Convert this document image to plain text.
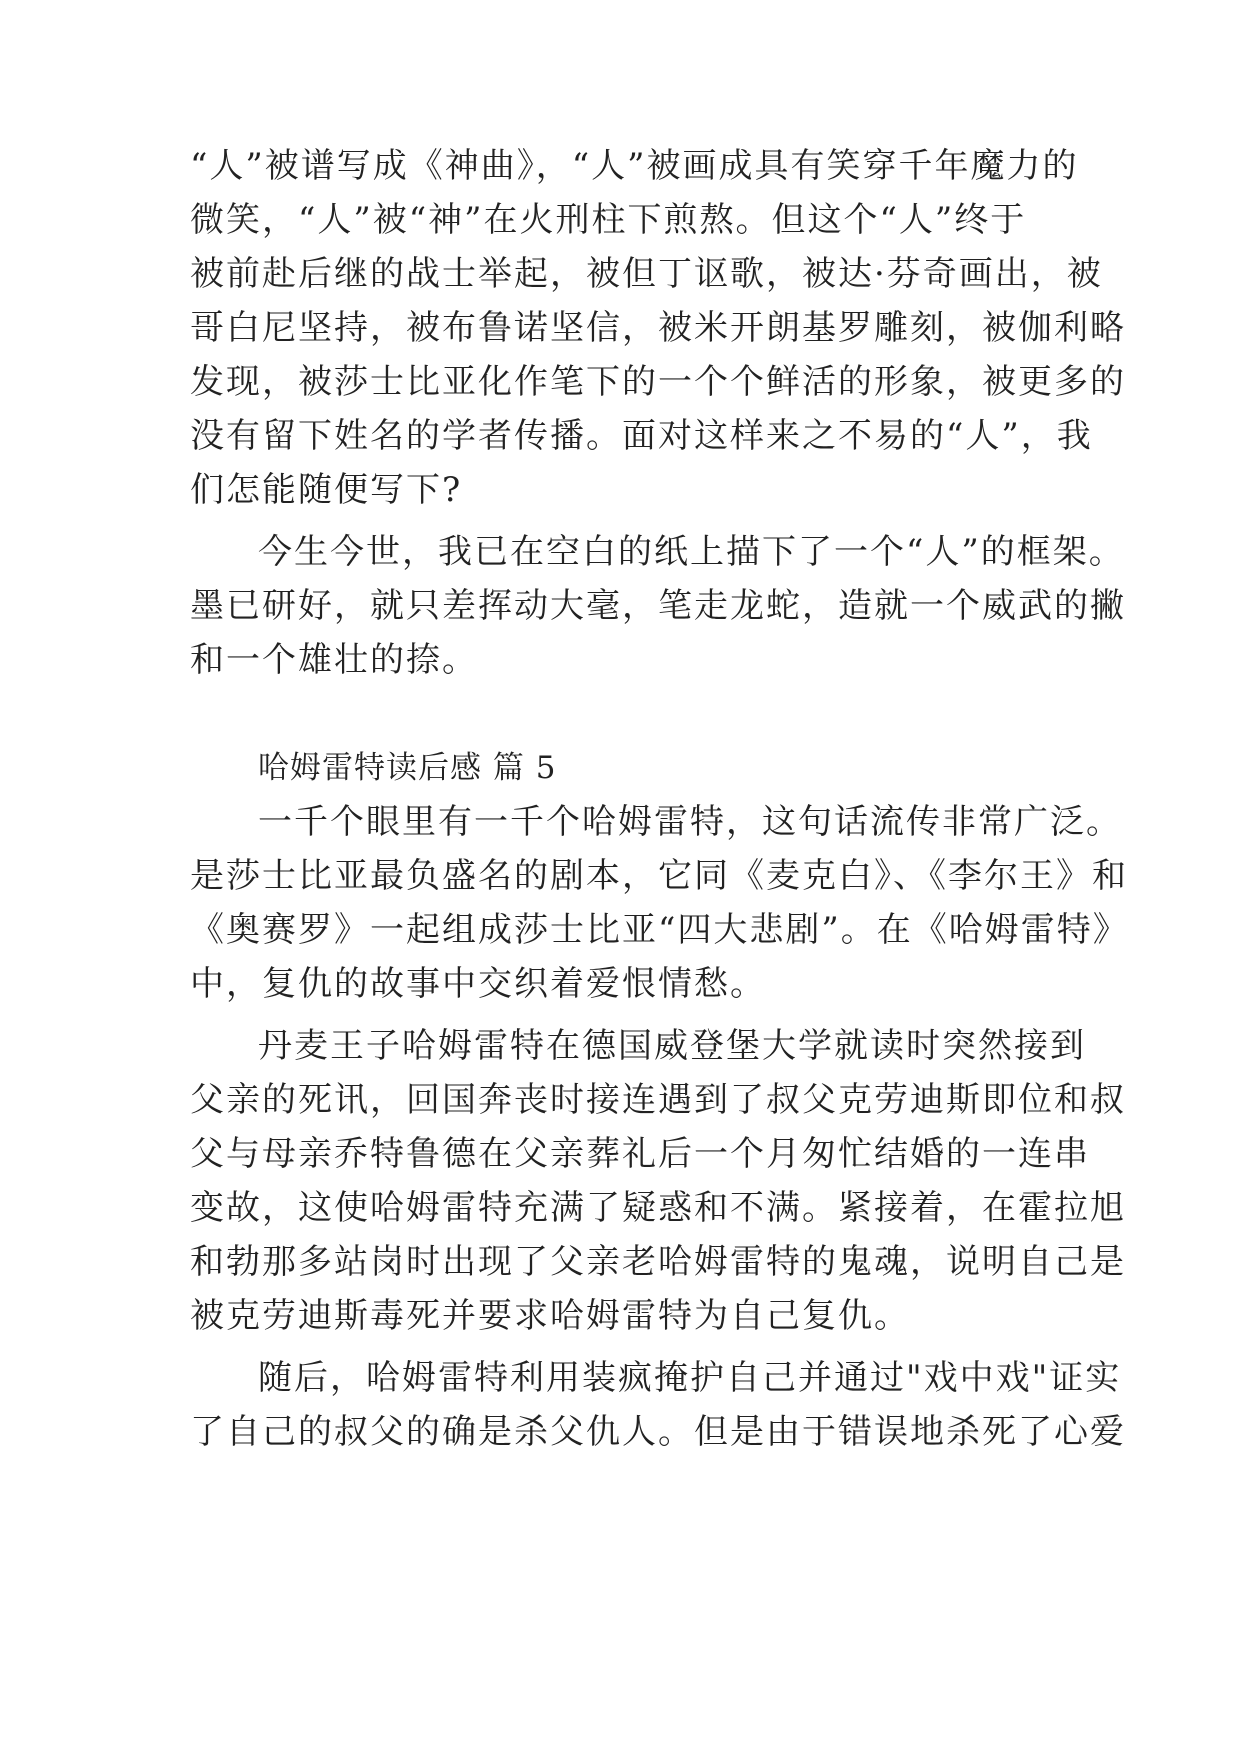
“人”被谱写成《神曲》，“人”被画成具有笑穿千年魔力的
微笑，“人”被“神”在火刑柱下煎熬。但这个“人”终于
被前赴后继的战士举起，被但丁讴歌，被达·芬奇画出，被
哥白尼坚持，被布鲁诺坚信，被米开朗基罗雕刻，被伽利略
发现，被莎士比亚化作笔下的一个个鲜活的形象，被更多的
没有留下姓名的学者传播。面对这样来之不易的“人”，我
们怎能随便写下?
今生今世，我已在空白的纸上描下了一个“人”的框架。
墨已研好，就只差挥动大毫，笔走龙蛇，造就一个威武的撇
和一个雄壮的捺。
哈姆雷特读后感 篇 5
一千个眼里有一千个哈姆雷特，这句话流传非常广泛。
是莎士比亚最负盛名的剧本，它同《麦克白》、《李尔王》和
《奥赛罗》一起组成莎士比亚“四大悲剧”。在《哈姆雷特》
中，复仇的故事中交织着爱恨情愁。
丹麦王子哈姆雷特在德国威登堡大学就读时突然接到
父亲的死讯，回国奔丧时接连遇到了叔父克劳迪斯即位和叔
父与母亲乔特鲁德在父亲葬礼后一个月匆忙结婚的一连串
变故，这使哈姆雷特充满了疑惑和不满。紧接着，在霍拉旭
和勃那多站岗时出现了父亲老哈姆雷特的鬼魂，说明自己是
被克劳迪斯毒死并要求哈姆雷特为自己复仇。
随后，哈姆雷特利用装疯掩护自己并通过"戏中戏"证实
了自己的叔父的确是杀父仇人。但是由于错误地杀死了心爱
